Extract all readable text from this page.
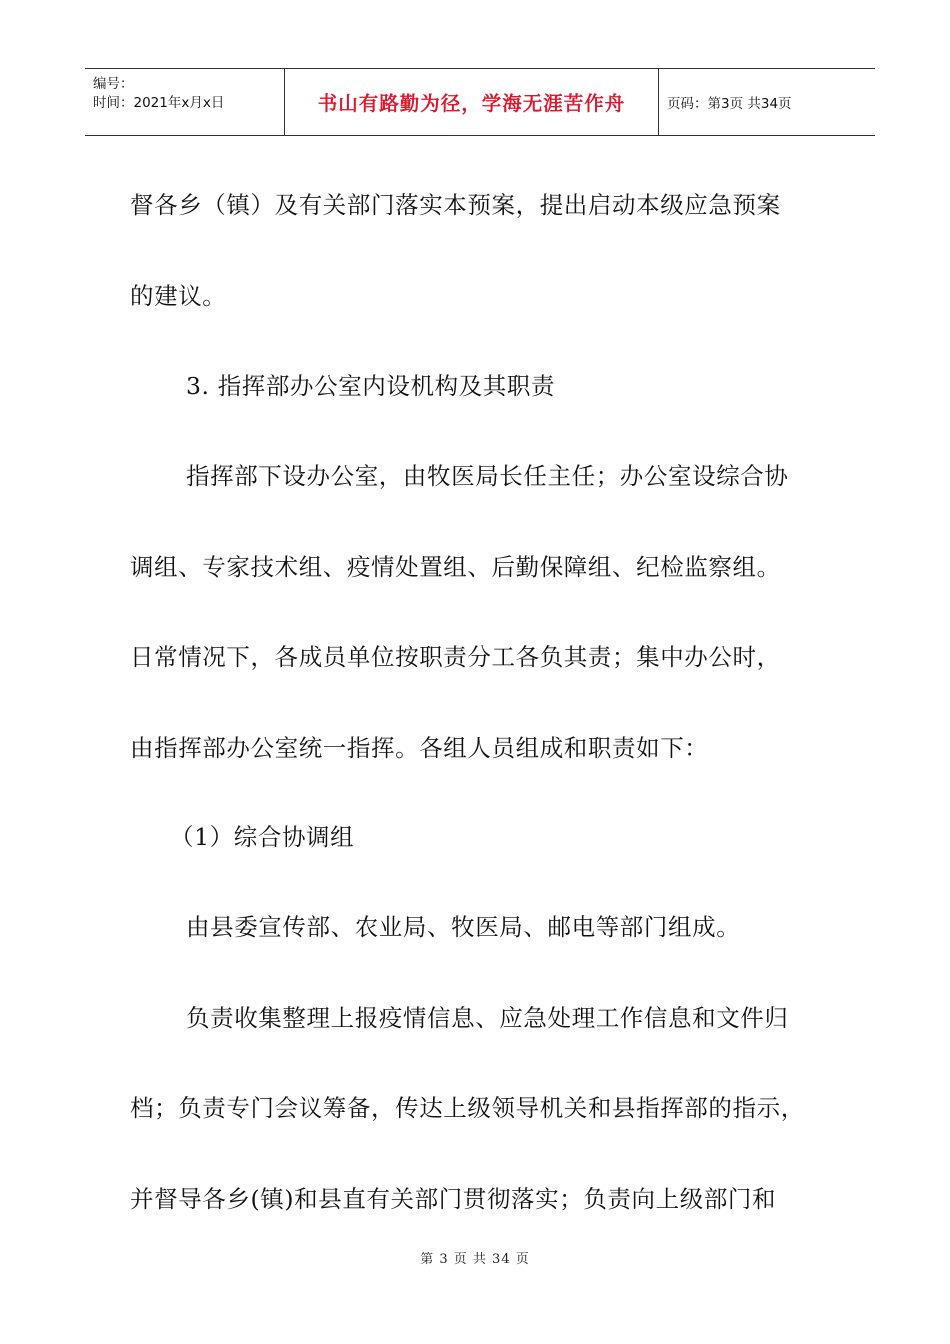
编号：
时间：2021年x月x日	书山有路勤为径，学海无涯苦作舟	页码：第3页 共34页

督各乡（镇）及有关部门落实本预案，提出启动本级应急预案

的建议。

3. 指挥部办公室内设机构及其职责

指挥部下设办公室，由牧医局长任主任；办公室设综合协

调组、专家技术组、疫情处置组、后勤保障组、纪检监察组。

日常情况下，各成员单位按职责分工各负其责；集中办公时，

由指挥部办公室统一指挥。各组人员组成和职责如下：

（1）综合协调组

由县委宣传部、农业局、牧医局、邮电等部门组成。

负责收集整理上报疫情信息、应急处理工作信息和文件归

档；负责专门会议筹备，传达上级领导机关和县指挥部的指示，

并督导各乡(镇)和县直有关部门贯彻落实；负责向上级部门和

第 3 页 共 34 页
